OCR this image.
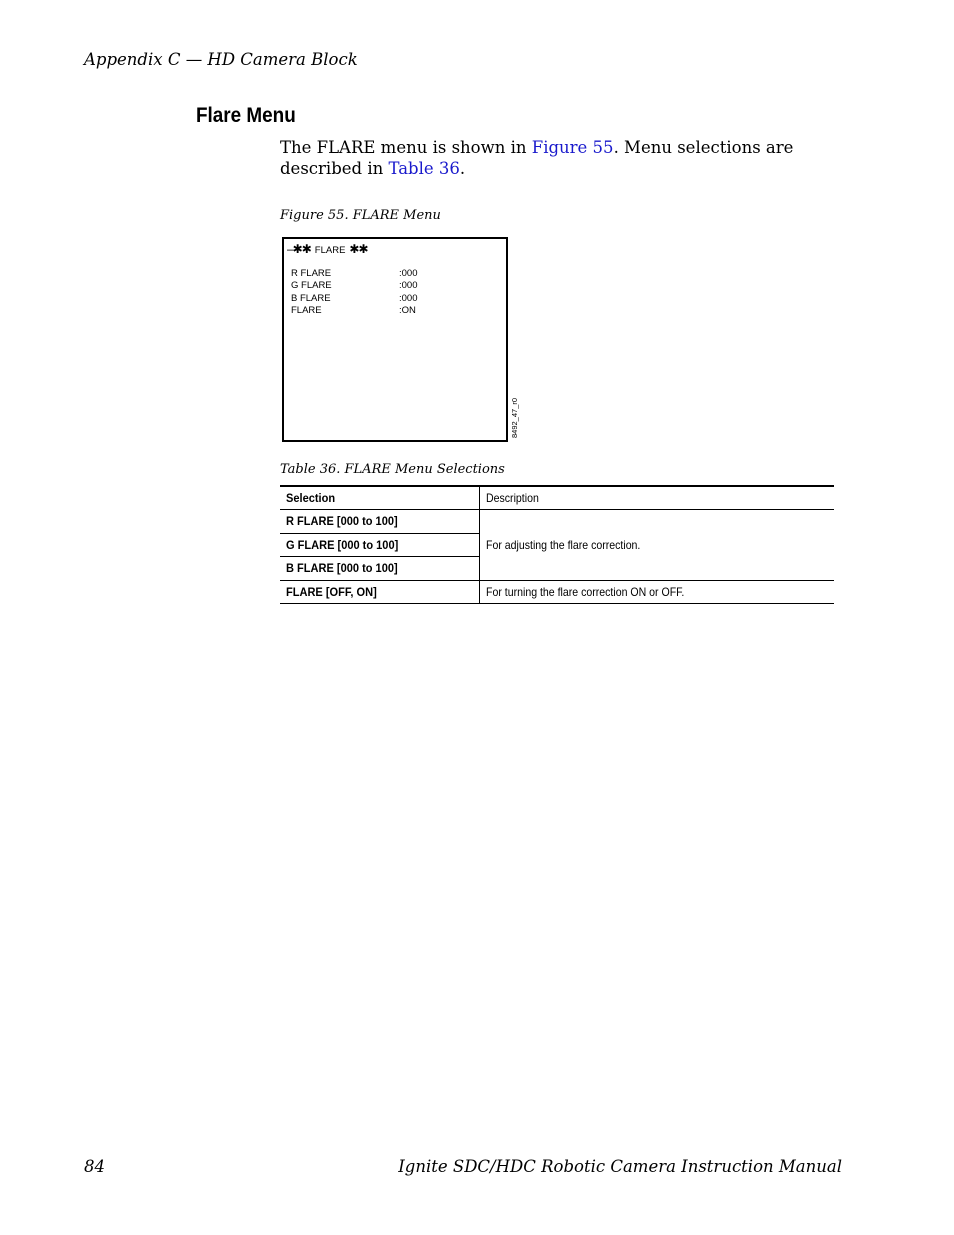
Appendix C — HD Camera Block
Flare Menu

The FLARE menu is shown in Figure 55. Menu selections are described in Table 36.

Figure 55. FLARE Menu
–✱✱ FLARE ✱✱
R FLARE	:000
G FLARE	:000
B FLARE	:000
FLARE	:ON
8492_47_r0
Table 36. FLARE Menu Selections
Selection	Description
R FLARE [000 to 100]	For adjusting the flare correction.
G FLARE [000 to 100]	
B FLARE [000 to 100]	
FLARE [OFF, ON]	For turning the flare correction ON or OFF.
84	Ignite SDC/HDC Robotic Camera Instruction Manual
